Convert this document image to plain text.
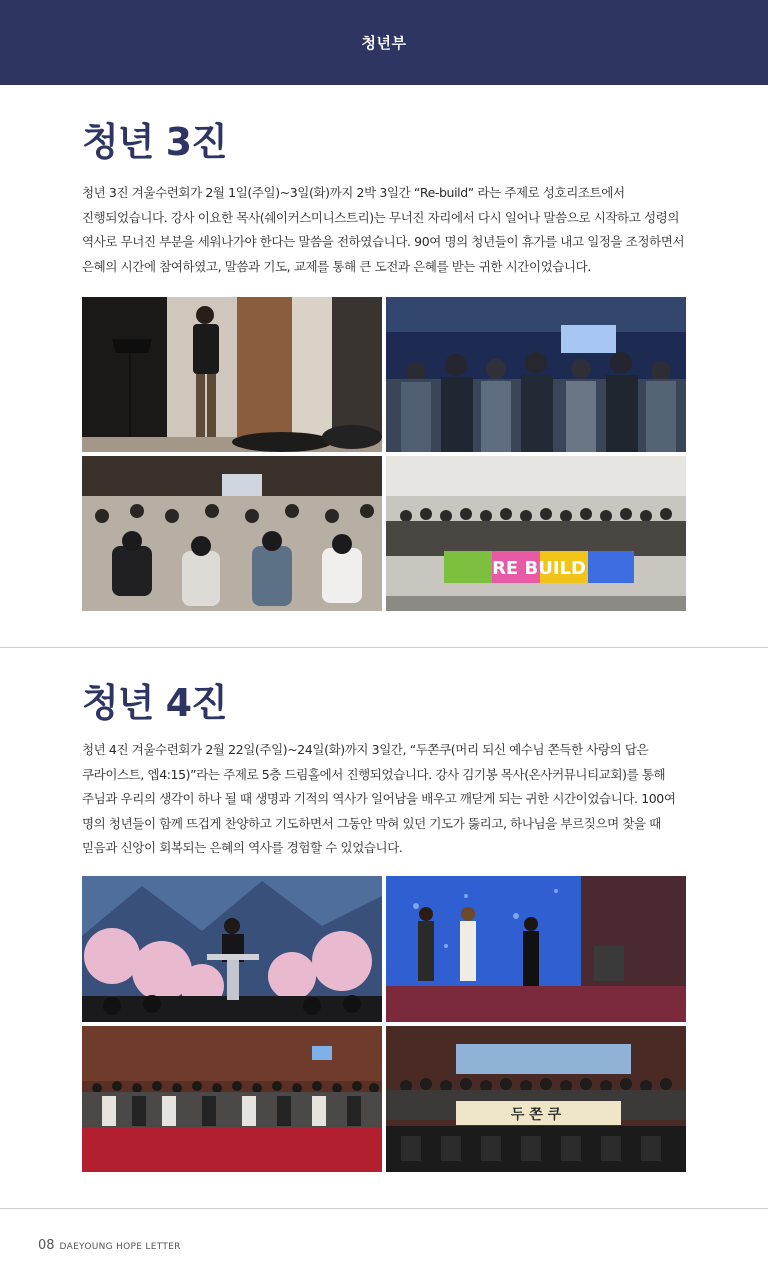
청년부
청년 3진

청년 3진 겨울수련회가 2월 1일(주일)~3일(화)까지 2박 3일간 “Re-build” 라는 주제로 성호리조트에서 진행되었습니다. 강사 이요한 목사(쉐이커스미니스트리)는 무너진 자리에서 다시 일어나 말씀으로 시작하고 성령의 역사로 무너진 부분을 세워나가야 한다는 말씀을 전하였습니다. 90여 명의 청년들이 휴가를 내고 일정을 조정하면서 은혜의 시간에 참여하였고, 말씀과 기도, 교제를 통해 큰 도전과 은혜를 받는 귀한 시간이었습니다.

RE BUILD
청년 4진

청년 4진 겨울수련회가 2월 22일(주일)~24일(화)까지 3일간, “두쫀쿠(머리 되신 예수님 쫀득한 사랑의 답은 쿠라이스트, 엡4:15)”라는 주제로 5층 드림홀에서 진행되었습니다. 강사 김기봉 목사(온사커뮤니티교회)를 통해 주님과 우리의 생각이 하나 될 때 생명과 기적의 역사가 일어남을 배우고 깨닫게 되는 귀한 시간이었습니다. 100여 명의 청년들이 함께 뜨겁게 찬양하고 기도하면서 그동안 막혀 있던 기도가 뚫리고, 하나님을 부르짖으며 찾을 때 믿음과 신앙이 회복되는 은혜의 역사를 경험할 수 있었습니다.

두 쫀 쿠
08 DAEYOUNG HOPE LETTER
